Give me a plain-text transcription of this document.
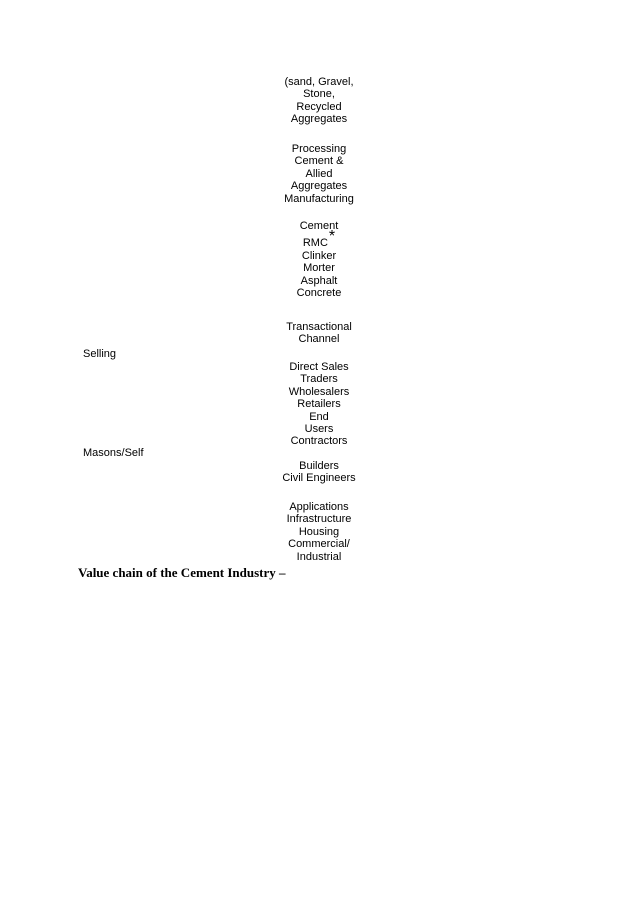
(sand, Gravel,
Stone,
Recycled
Aggregates
Processing
Cement &
Allied
Aggregates
Manufacturing
Cement
RMC*
Clinker
Morter
Asphalt
Concrete
Transactional
Channel
Selling
Direct Sales
Traders
Wholesalers
Retailers
End
Users
Contractors
Masons/Self
Builders
Civil Engineers
Applications
Infrastructure
Housing
Commercial/
Industrial
Value chain of the Cement Industry –
